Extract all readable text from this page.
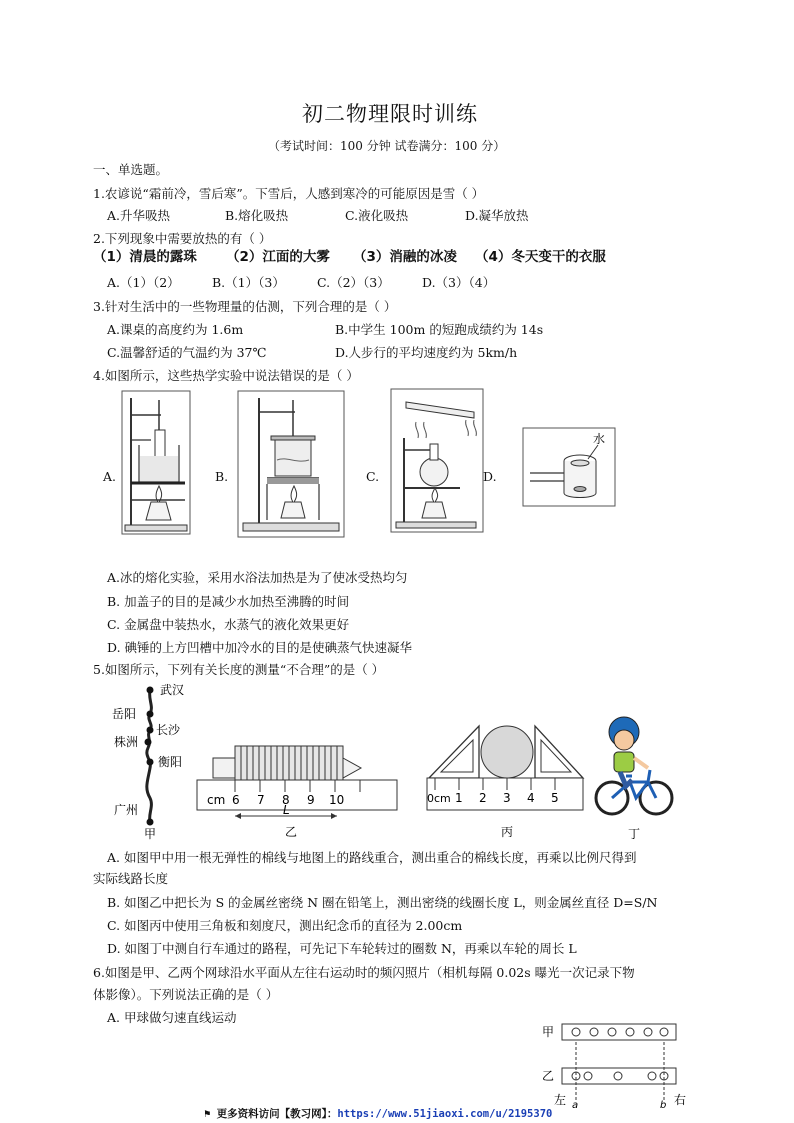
初二物理限时训练
（考试时间：100 分钟 试卷满分：100 分）
一、单选题。
1.农谚说“霜前冷，雪后寒”。下雪后，人感到寒冷的可能原因是雪（ ）
A.升华吸热	B.熔化吸热	C.液化吸热	D.凝华放热
2.下列现象中需要放热的有（ ）
（1）清晨的露珠 （2）江面的大雾 （3）消融的冰凌 （4）冬天变干的衣服
A.（1）（2）	B.（1）（3）	C.（2）（3）	D.（3）（4）
3.针对生活中的一些物理量的估测，下列合理的是（ ）
A.课桌的高度约为 1.6m	B.中学生 100m 的短跑成绩约为 14s
C.温馨舒适的气温约为 37℃	D.人步行的平均速度约为 5km/h
4.如图所示，这些热学实验中说法错误的是（ ）
A.	B.	C.	D.
水
A.冰的熔化实验，采用水浴法加热是为了使冰受热均匀
B. 加盖子的目的是减少水加热至沸腾的时间
C. 金属盘中装热水，水蒸气的液化效果更好
D. 碘锤的上方凹槽中加冷水的目的是使碘蒸气快速凝华
5.如图所示，下列有关长度的测量“不合理”的是（ ）
武汉
岳阳
长沙
株洲
衡阳
广州
甲
cm 6 7 8 9 10
L
乙
0cm 1 2 3 4 5
丙	丁
A. 如图甲中用一根无弹性的棉线与地图上的路线重合，测出重合的棉线长度，再乘以比例尺得到
实际线路长度
B. 如图乙中把长为 S 的金属丝密绕 N 圈在铅笔上，测出密绕的线圈长度 L，则金属丝直径 D=S/N
C. 如图丙中使用三角板和刻度尺，测出纪念币的直径为 2.00cm
D. 如图丁中测自行车通过的路程，可先记下车轮转过的圈数 N，再乘以车轮的周长 L
6.如图是甲、乙两个网球沿水平面从左往右运动时的频闪照片（相机每隔 0.02s 曝光一次记录下物
体影像）。下列说法正确的是（ ）
A. 甲球做匀速直线运动
甲
乙
左 a	b 右
⚑ 更多资料访问【教习网】：https://www.51jiaoxi.com/u/2195370
